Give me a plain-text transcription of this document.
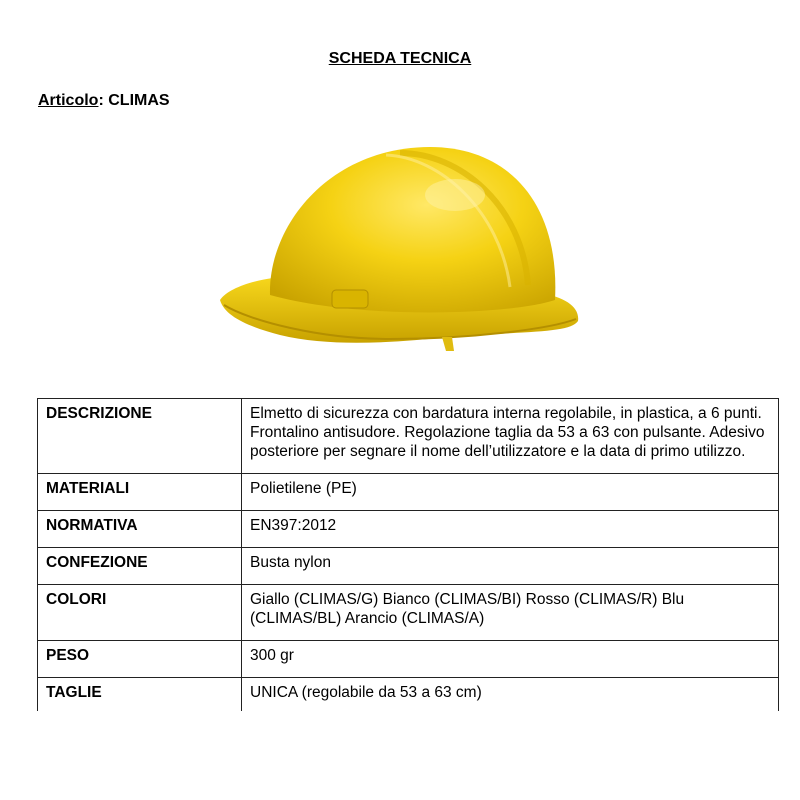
SCHEDA TECNICA
Articolo: CLIMAS
DESCRIZIONE	Elmetto di sicurezza con bardatura interna regolabile, in plastica, a 6 punti. Frontalino antisudore. Regolazione taglia da 53 a 63 con pulsante. Adesivo posteriore per segnare il nome dell’utilizzatore e la data di primo utilizzo.
MATERIALI	Polietilene (PE)
NORMATIVA	EN397:2012
CONFEZIONE	Busta nylon
COLORI	Giallo (CLIMAS/G) Bianco (CLIMAS/BI) Rosso (CLIMAS/R) Blu (CLIMAS/BL) Arancio (CLIMAS/A)
PESO	300 gr
TAGLIE	UNICA (regolabile da 53 a 63 cm)
